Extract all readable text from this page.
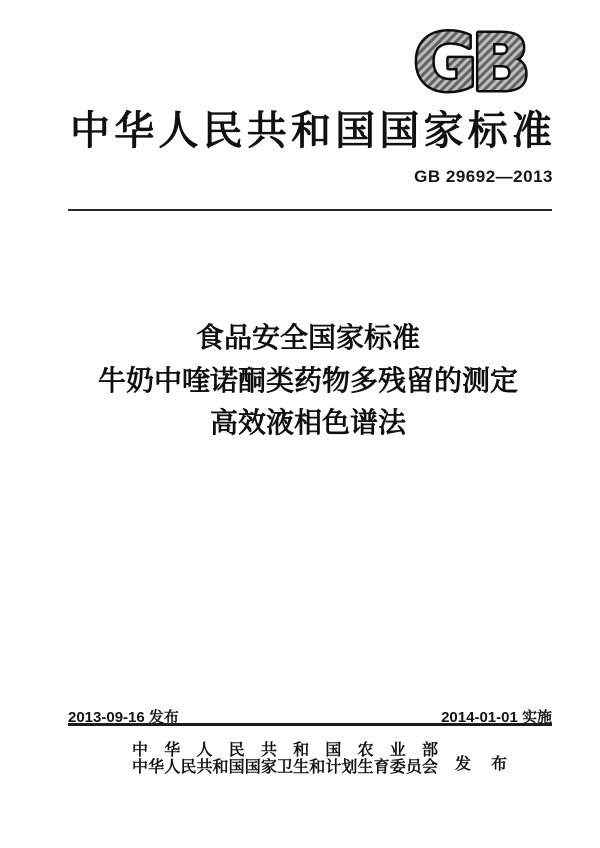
GB
中 华 人 民 共 和 国 国 家 标 准
GB 29692—2013
食品安全国家标准
牛奶中喹诺酮类药物多残留的测定
高效液相色谱法
2013-09-16 发布	2014-01-01 实施
中 华 人 民 共 和 国 农 业 部
中 华 人 民 共 和 国 国 家 卫 生 和 计 划 生 育 委 员 会 发 布
